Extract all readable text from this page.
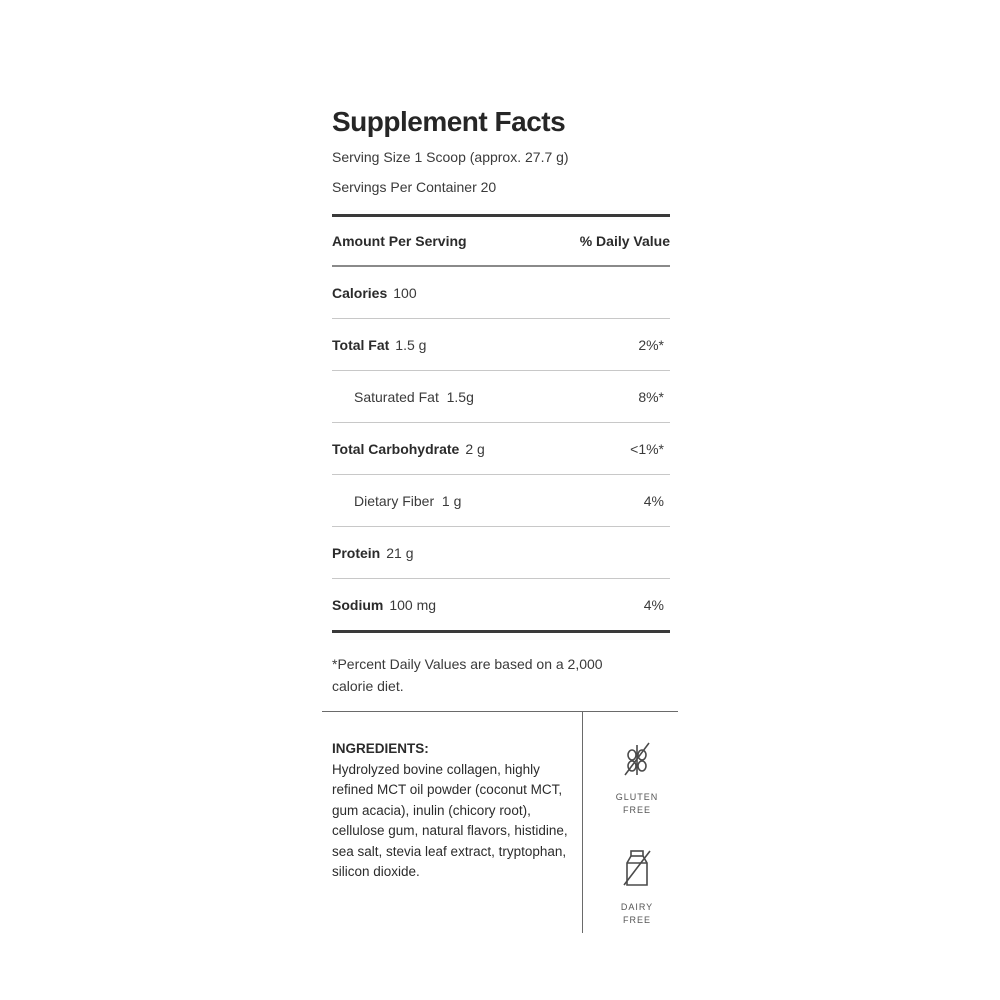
Supplement Facts
Serving Size 1 Scoop (approx. 27.7 g)
Servings Per Container 20
Amount Per Serving	% Daily Value
Calories 100
Total Fat 1.5 g	2%*
Saturated Fat 1.5g	8%*
Total Carbohydrate 2 g	<1%*
Dietary Fiber 1 g	4%
Protein 21 g
Sodium 100 mg	4%
*Percent Daily Values are based on a 2,000 calorie diet.
INGREDIENTS:
Hydrolyzed bovine collagen, highly refined MCT oil powder (coconut MCT, gum acacia), inulin (chicory root), cellulose gum, natural flavors, histidine, sea salt, stevia leaf extract, tryptophan, silicon dioxide.
GLUTEN
FREE
DAIRY
FREE
